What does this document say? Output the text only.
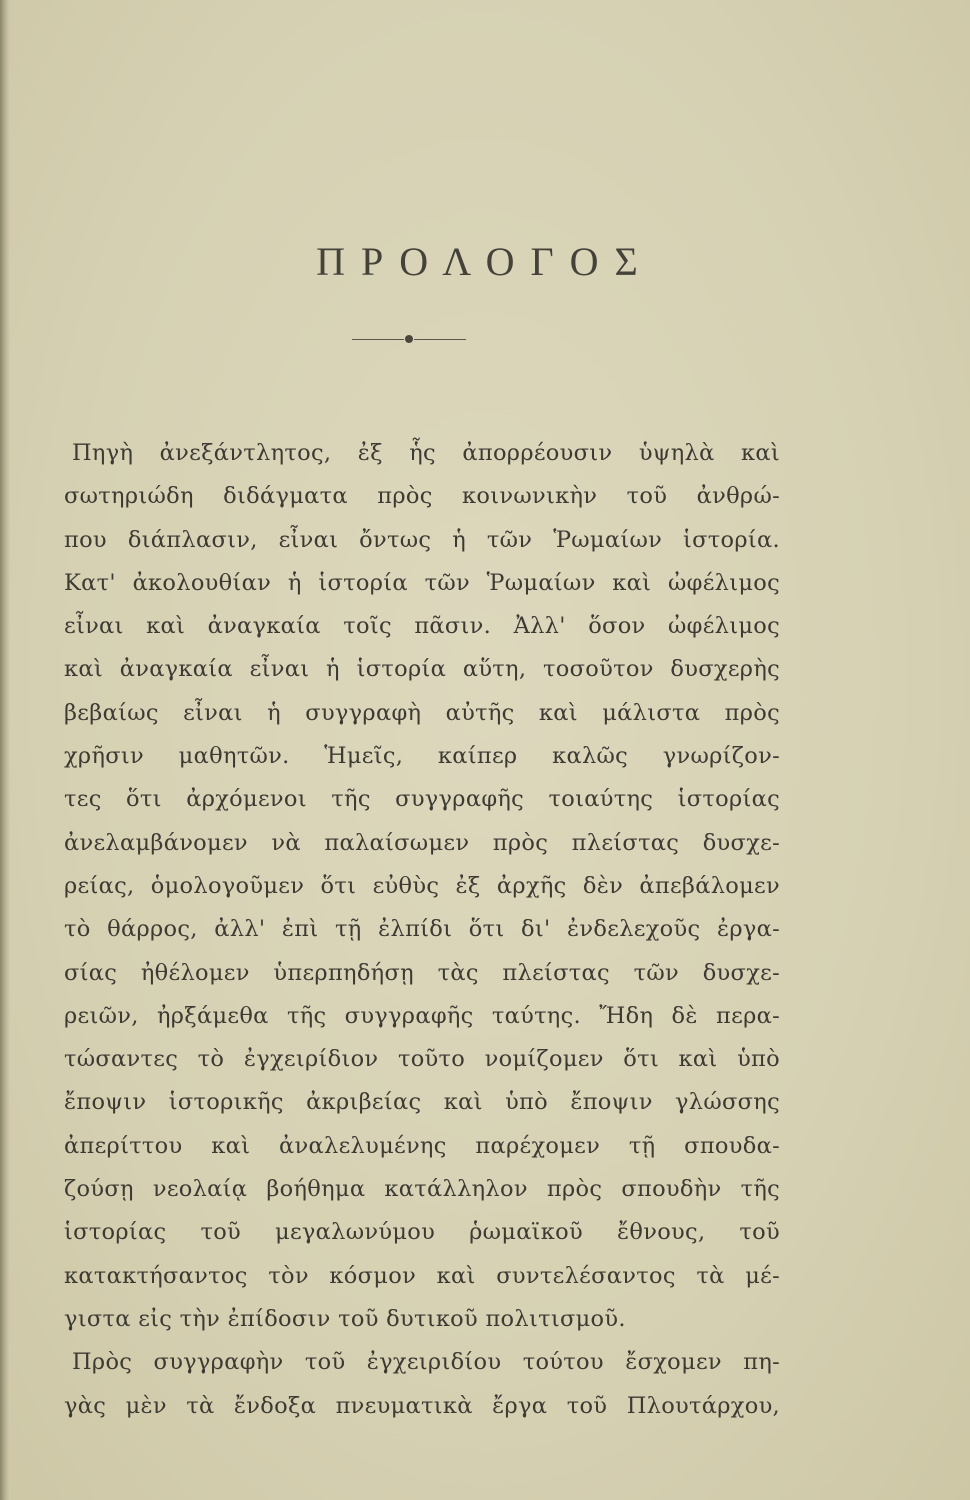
ΠΡΟΛΟΓΟΣ
Πηγὴ ἀνεξάντλητος, ἐξ ἧς ἀπορρέουσιν ὑψηλὰ καὶ
σωτηριώδη διδάγματα πρὸς κοινωνικὴν τοῦ ἀνθρώ-
που διάπλασιν, εἶναι ὄντως ἡ τῶν Ῥωμαίων ἱστορία.
Κατ' ἀκολουθίαν ἡ ἱστορία τῶν Ῥωμαίων καὶ ὠφέλιμος
εἶναι καὶ ἀναγκαία τοῖς πᾶσιν. Ἀλλ' ὅσον ὠφέλιμος
καὶ ἀναγκαία εἶναι ἡ ἱστορία αὕτη, τοσοῦτον δυσχερὴς
βεβαίως εἶναι ἡ συγγραφὴ αὐτῆς καὶ μάλιστα πρὸς
χρῆσιν μαθητῶν. Ἡμεῖς, καίπερ καλῶς γνωρίζον-
τες ὅτι ἀρχόμενοι τῆς συγγραφῆς τοιαύτης ἱστορίας
ἀνελαμβάνομεν νὰ παλαίσωμεν πρὸς πλείστας δυσχε-
ρείας, ὁμολογοῦμεν ὅτι εὐθὺς ἐξ ἀρχῆς δὲν ἀπεβάλομεν
τὸ θάρρος, ἀλλ' ἐπὶ τῇ ἐλπίδι ὅτι δι' ἐνδελεχοῦς ἐργα-
σίας ἠθέλομεν ὑπερπηδήσῃ τὰς πλείστας τῶν δυσχε-
ρειῶν, ἠρξάμεθα τῆς συγγραφῆς ταύτης. Ἤδη δὲ περα-
τώσαντες τὸ ἐγχειρίδιον τοῦτο νομίζομεν ὅτι καὶ ὑπὸ
ἔποψιν ἱστορικῆς ἀκριβείας καὶ ὑπὸ ἔποψιν γλώσσης
ἀπερίττου καὶ ἀναλελυμένης παρέχομεν τῇ σπουδα-
ζούσῃ νεολαίᾳ βοήθημα κατάλληλον πρὸς σπουδὴν τῆς
ἱστορίας τοῦ μεγαλωνύμου ῥωμαϊκοῦ ἔθνους, τοῦ
κατακτήσαντος τὸν κόσμον καὶ συντελέσαντος τὰ μέ-
γιστα εἰς τὴν ἐπίδοσιν τοῦ δυτικοῦ πολιτισμοῦ.
Πρὸς συγγραφὴν τοῦ ἐγχειριδίου τούτου ἔσχομεν πη-
γὰς μὲν τὰ ἔνδοξα πνευματικὰ ἔργα τοῦ Πλουτάρχου,
